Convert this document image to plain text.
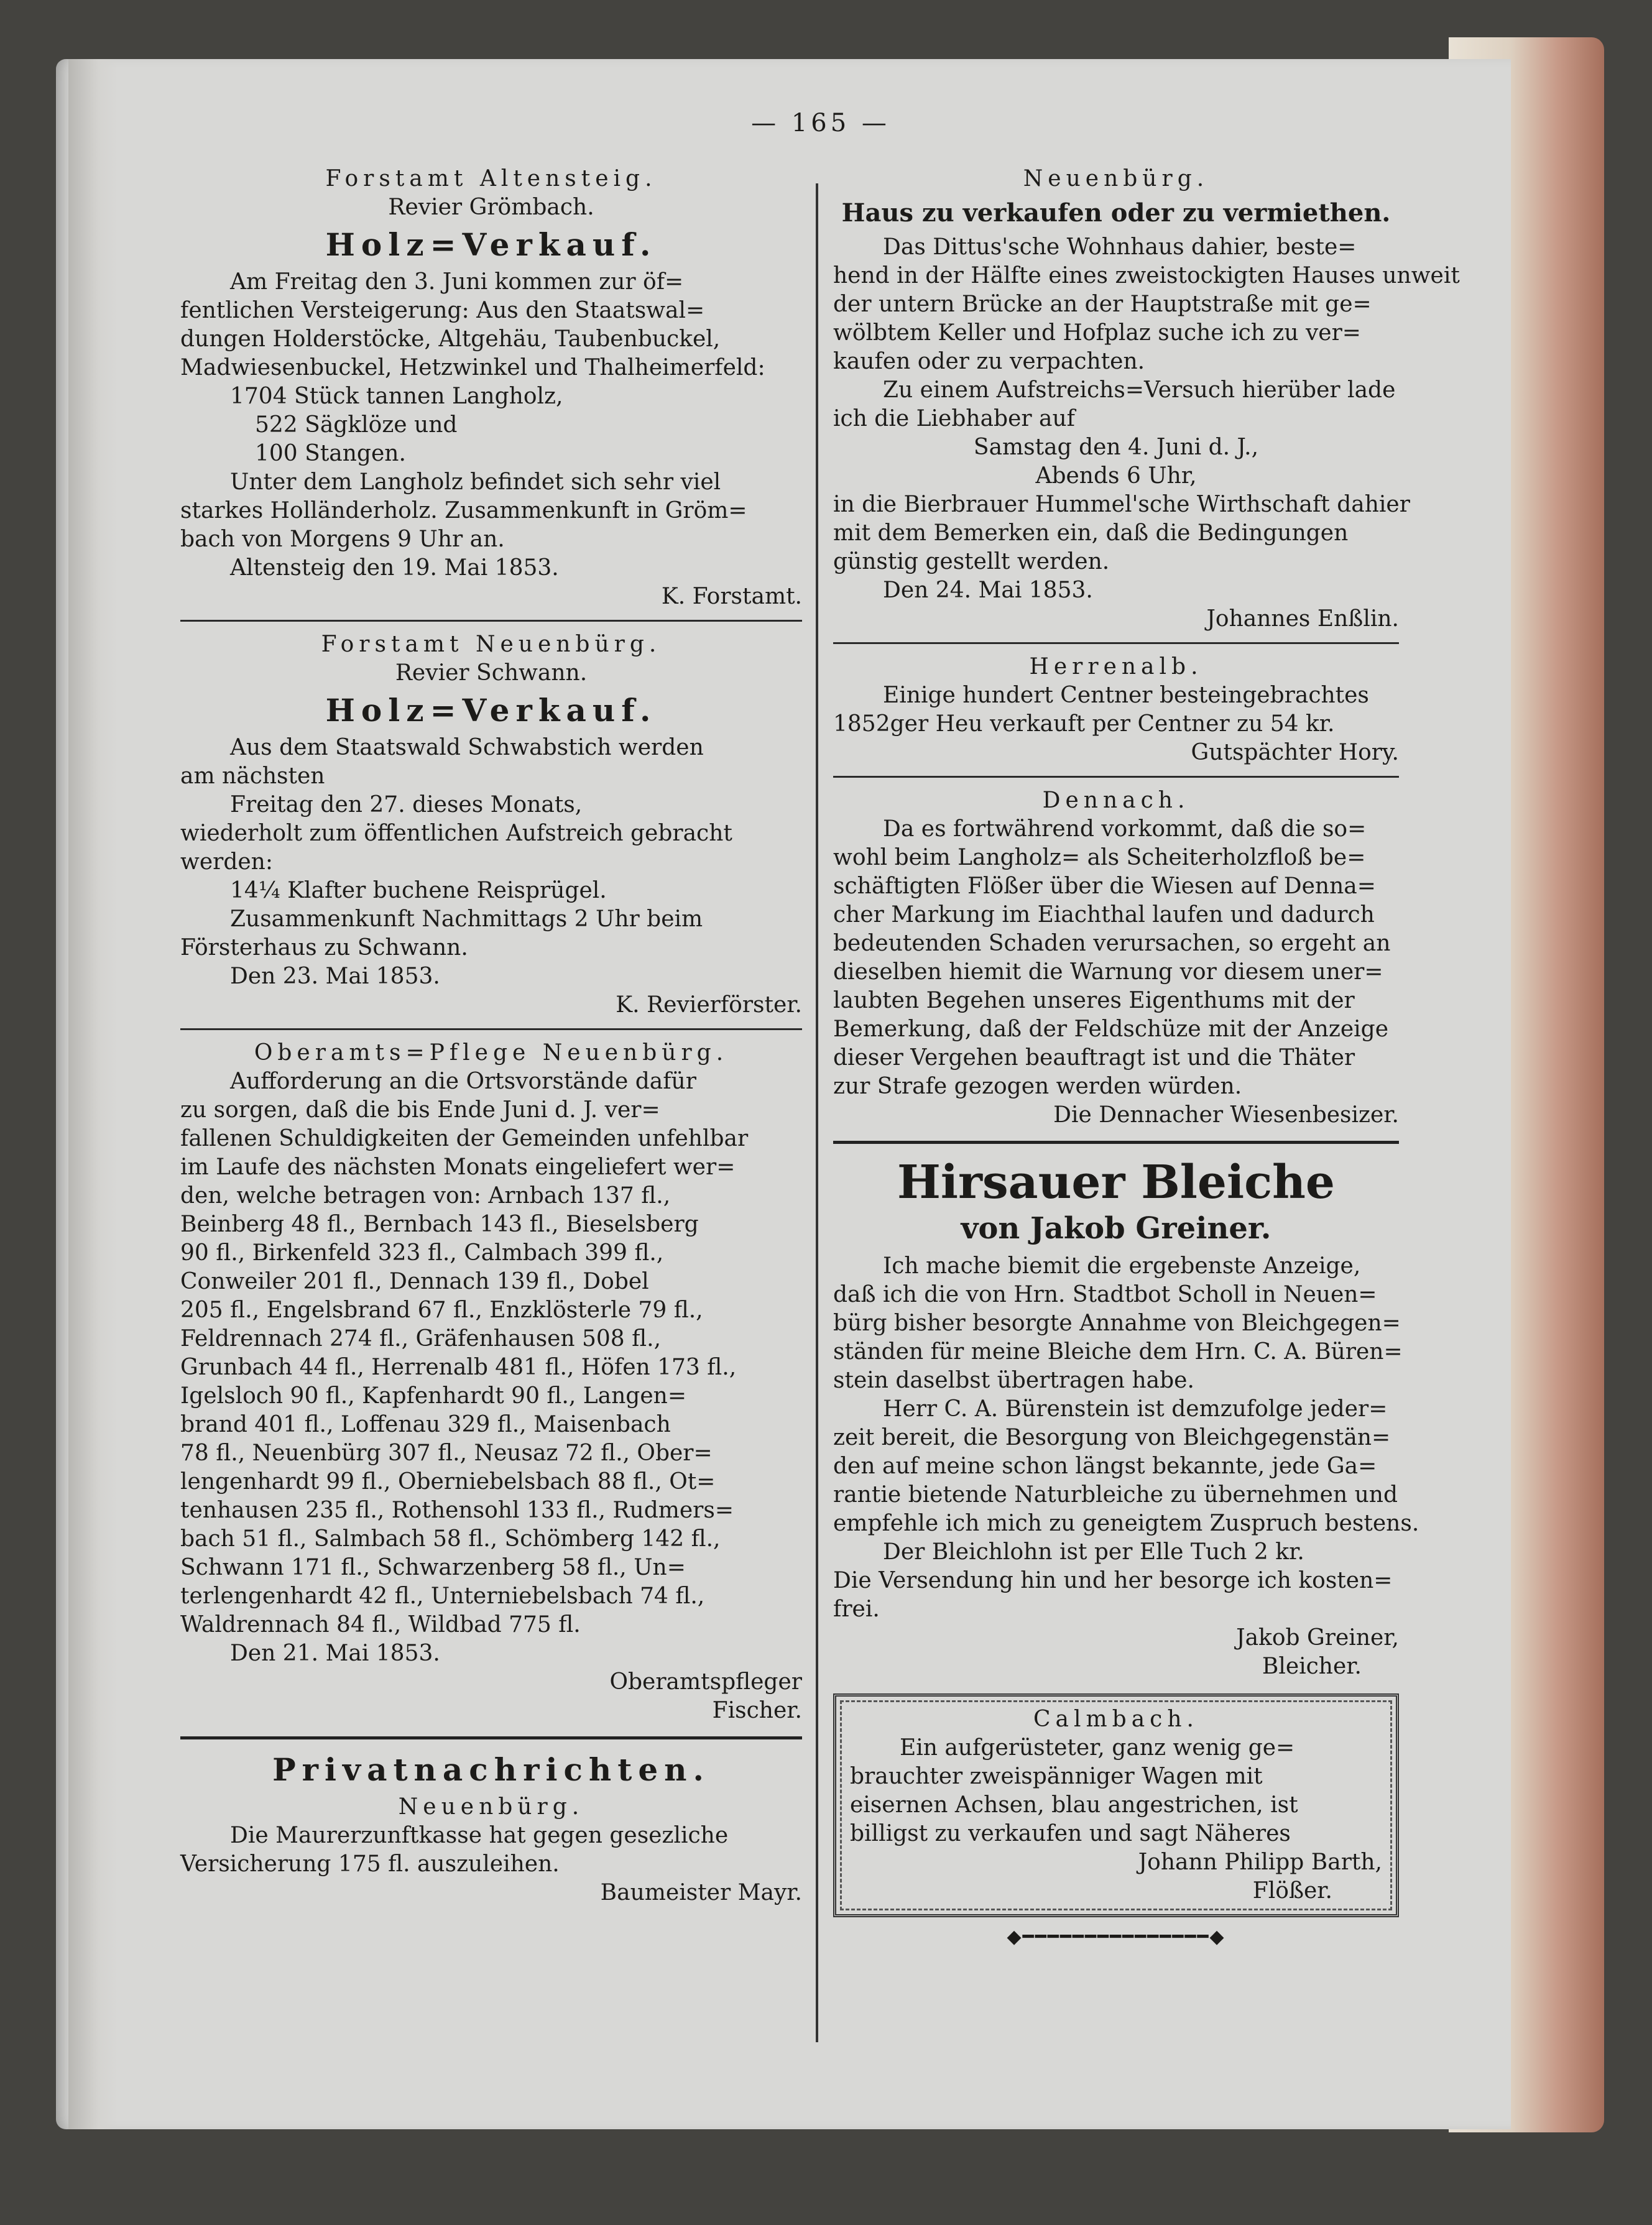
— 165 —

Forstamt Altensteig.

Revier Grömbach.

Holz=Verkauf.

Am Freitag den 3. Juni kommen zur öf=

fentlichen Versteigerung: Aus den Staatswal=

dungen Holderstöcke, Altgehäu, Taubenbuckel,

Madwiesenbuckel, Hetzwinkel und Thalheimerfeld:

1704 Stück tannen Langholz,

522 Sägklöze und

100 Stangen.

Unter dem Langholz befindet sich sehr viel

starkes Holländerholz. Zusammenkunft in Gröm=

bach von Morgens 9 Uhr an.

Altensteig den 19. Mai 1853.

K. Forstamt.

Forstamt Neuenbürg.

Revier Schwann.

Holz=Verkauf.

Aus dem Staatswald Schwabstich werden

am nächsten

Freitag den 27. dieses Monats,

wiederholt zum öffentlichen Aufstreich gebracht

werden:

14¼ Klafter buchene Reisprügel.

Zusammenkunft Nachmittags 2 Uhr beim

Försterhaus zu Schwann.

Den 23. Mai 1853.

K. Revierförster.

Oberamts=Pflege Neuenbürg.

Aufforderung an die Ortsvorstände dafür

zu sorgen, daß die bis Ende Juni d. J. ver=

fallenen Schuldigkeiten der Gemeinden unfehlbar

im Laufe des nächsten Monats eingeliefert wer=

den, welche betragen von: Arnbach 137 fl.,

Beinberg 48 fl., Bernbach 143 fl., Bieselsberg

90 fl., Birkenfeld 323 fl., Calmbach 399 fl.,

Conweiler 201 fl., Dennach 139 fl., Dobel

205 fl., Engelsbrand 67 fl., Enzklösterle 79 fl.,

Feldrennach 274 fl., Gräfenhausen 508 fl.,

Grunbach 44 fl., Herrenalb 481 fl., Höfen 173 fl.,

Igelsloch 90 fl., Kapfenhardt 90 fl., Langen=

brand 401 fl., Loffenau 329 fl., Maisenbach

78 fl., Neuenbürg 307 fl., Neusaz 72 fl., Ober=

lengenhardt 99 fl., Oberniebelsbach 88 fl., Ot=

tenhausen 235 fl., Rothensohl 133 fl., Rudmers=

bach 51 fl., Salmbach 58 fl., Schömberg 142 fl.,

Schwann 171 fl., Schwarzenberg 58 fl., Un=

terlengenhardt 42 fl., Unterniebelsbach 74 fl.,

Waldrennach 84 fl., Wildbad 775 fl.

Den 21. Mai 1853.

Oberamtspfleger

Fischer.

Privatnachrichten.

Neuenbürg.

Die Maurerzunftkasse hat gegen gesezliche

Versicherung 175 fl. auszuleihen.

Baumeister Mayr.

Neuenbürg.

Haus zu verkaufen oder zu vermiethen.

Das Dittus'sche Wohnhaus dahier, beste=

hend in der Hälfte eines zweistockigten Hauses unweit

der untern Brücke an der Hauptstraße mit ge=

wölbtem Keller und Hofplaz suche ich zu ver=

kaufen oder zu verpachten.

Zu einem Aufstreichs=Versuch hierüber lade

ich die Liebhaber auf

Samstag den 4. Juni d. J.,

Abends 6 Uhr,

in die Bierbrauer Hummel'sche Wirthschaft dahier

mit dem Bemerken ein, daß die Bedingungen

günstig gestellt werden.

Den 24. Mai 1853.

Johannes Enßlin.

Herrenalb.

Einige hundert Centner besteingebrachtes

1852ger Heu verkauft per Centner zu 54 kr.

Gutspächter Hory.

Dennach.

Da es fortwährend vorkommt, daß die so=

wohl beim Langholz= als Scheiterholzfloß be=

schäftigten Flößer über die Wiesen auf Denna=

cher Markung im Eiachthal laufen und dadurch

bedeutenden Schaden verursachen, so ergeht an

dieselben hiemit die Warnung vor diesem uner=

laubten Begehen unseres Eigenthums mit der

Bemerkung, daß der Feldschüze mit der Anzeige

dieser Vergehen beauftragt ist und die Thäter

zur Strafe gezogen werden würden.

Die Dennacher Wiesenbesizer.

Hirsauer Bleiche

von Jakob Greiner.

Ich mache biemit die ergebenste Anzeige,

daß ich die von Hrn. Stadtbot Scholl in Neuen=

bürg bisher besorgte Annahme von Bleichgegen=

ständen für meine Bleiche dem Hrn. C. A. Büren=

stein daselbst übertragen habe.

Herr C. A. Bürenstein ist demzufolge jeder=

zeit bereit, die Besorgung von Bleichgegenstän=

den auf meine schon längst bekannte, jede Ga=

rantie bietende Naturbleiche zu übernehmen und

empfehle ich mich zu geneigtem Zuspruch bestens.

Der Bleichlohn ist per Elle Tuch 2 kr.

Die Versendung hin und her besorge ich kosten=

frei.

Jakob Greiner,

Bleicher.

Calmbach.

Ein aufgerüsteter, ganz wenig ge=

brauchter zweispänniger Wagen mit

eisernen Achsen, blau angestrichen, ist

billigst zu verkaufen und sagt Näheres

Johann Philipp Barth,

Flößer.

◆━━━━━━━━━━━━━━━◆
